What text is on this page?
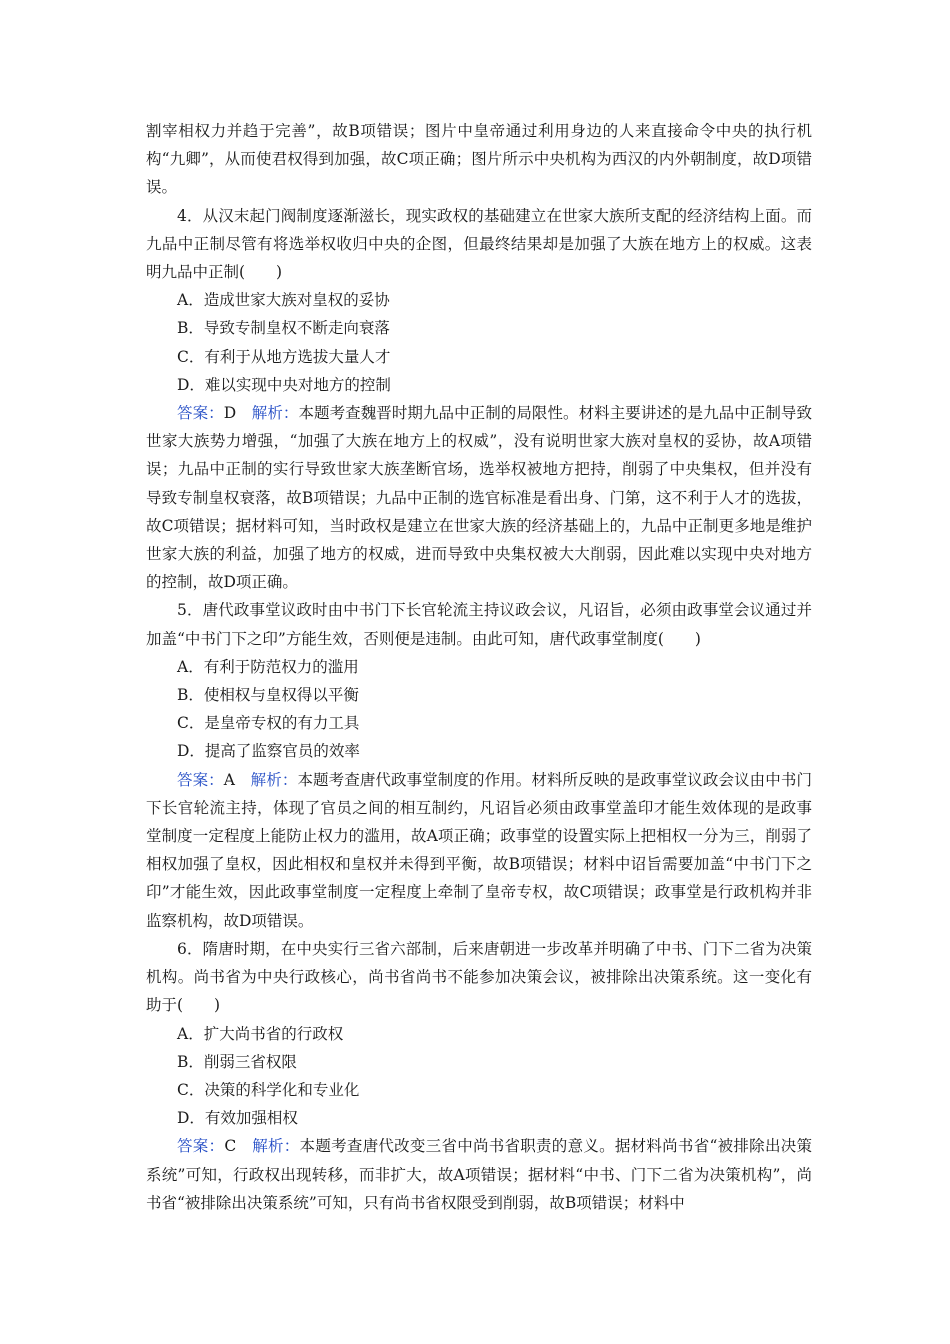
割宰相权力并趋于完善”，故B项错误；图片中皇帝通过利用身边的人来直接命令中央的执行机构“九卿”，从而使君权得到加强，故C项正确；图片所示中央机构为西汉的内外朝制度，故D项错误。

4．从汉末起门阀制度逐渐滋长，现实政权的基础建立在世家大族所支配的经济结构上面。而九品中正制尽管有将选举权收归中央的企图，但最终结果却是加强了大族在地方上的权威。这表明九品中正制(　　)

A．造成世家大族对皇权的妥协

B．导致专制皇权不断走向衰落

C．有利于从地方选拔大量人才

D．难以实现中央对地方的控制

答案：D　 解析：本题考查魏晋时期九品中正制的局限性。材料主要讲述的是九品中正制导致世家大族势力增强，“加强了大族在地方上的权威”，没有说明世家大族对皇权的妥协，故A项错误；九品中正制的实行导致世家大族垄断官场，选举权被地方把持，削弱了中央集权，但并没有导致专制皇权衰落，故B项错误；九品中正制的选官标准是看出身、门第，这不利于人才的选拔，故C项错误；据材料可知，当时政权是建立在世家大族的经济基础上的，九品中正制更多地是维护世家大族的利益，加强了地方的权威，进而导致中央集权被大大削弱，因此难以实现中央对地方的控制，故D项正确。

5．唐代政事堂议政时由中书门下长官轮流主持议政会议，凡诏旨，必须由政事堂会议通过并加盖“中书门下之印”方能生效，否则便是违制。由此可知，唐代政事堂制度(　　)

A．有利于防范权力的滥用

B．使相权与皇权得以平衡

C．是皇帝专权的有力工具

D．提高了监察官员的效率

答案：A　 解析：本题考查唐代政事堂制度的作用。材料所反映的是政事堂议政会议由中书门下长官轮流主持，体现了官员之间的相互制约，凡诏旨必须由政事堂盖印才能生效体现的是政事堂制度一定程度上能防止权力的滥用，故A项正确；政事堂的设置实际上把相权一分为三，削弱了相权加强了皇权，因此相权和皇权并未得到平衡，故B项错误；材料中诏旨需要加盖“中书门下之印”才能生效，因此政事堂制度一定程度上牵制了皇帝专权，故C项错误；政事堂是行政机构并非监察机构，故D项错误。

6．隋唐时期，在中央实行三省六部制，后来唐朝进一步改革并明确了中书、门下二省为决策机构。尚书省为中央行政核心，尚书省尚书不能参加决策会议，被排除出决策系统。这一变化有助于(　　)

A．扩大尚书省的行政权

B．削弱三省权限

C．决策的科学化和专业化

D．有效加强相权

答案：C　 解析：本题考查唐代改变三省中尚书省职责的意义。据材料尚书省“被排除出决策系统”可知，行政权出现转移，而非扩大，故A项错误；据材料“中书、门下二省为决策机构”，尚书省“被排除出决策系统”可知，只有尚书省权限受到削弱，故B项错误；材料中
